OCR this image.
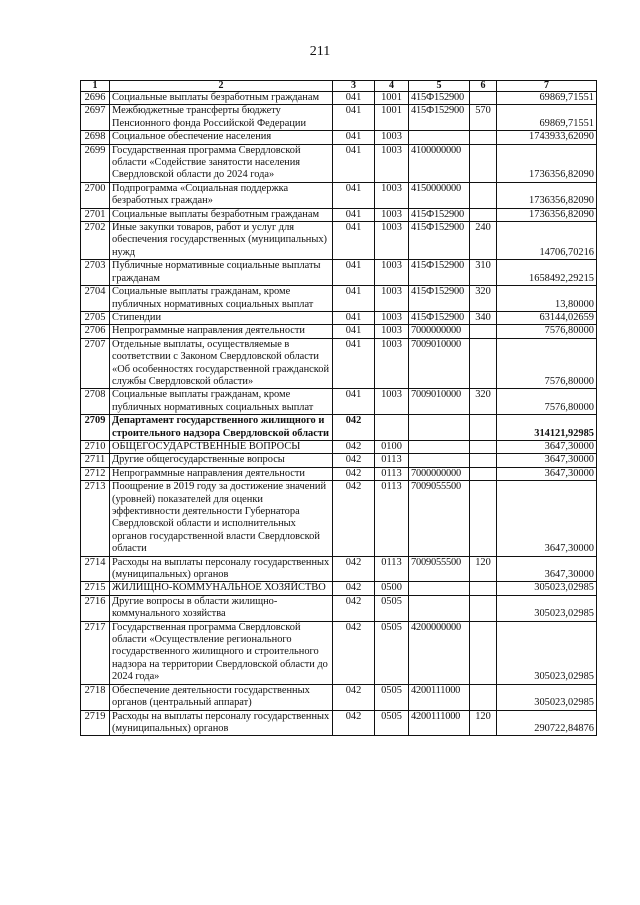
211
1	2	3	4	5	6	7
2696	Социальные выплаты безработным гражданам	041	1001	415Ф152900		69869,71551
2697	Межбюджетные трансферты бюджету Пенсионного фонда Российской Федерации	041	1001	415Ф152900	570	69869,71551
2698	Социальное обеспечение населения	041	1003			1743933,62090
2699	Государственная программа Свердловской области «Содействие занятости населения Свердловской области до 2024 года»	041	1003	4100000000		1736356,82090
2700	Подпрограмма «Социальная поддержка безработных граждан»	041	1003	4150000000		1736356,82090
2701	Социальные выплаты безработным гражданам	041	1003	415Ф152900		1736356,82090
2702	Иные закупки товаров, работ и услуг для обеспечения государственных (муниципальных) нужд	041	1003	415Ф152900	240	14706,70216
2703	Публичные нормативные социальные выплаты гражданам	041	1003	415Ф152900	310	1658492,29215
2704	Социальные выплаты гражданам, кроме публичных нормативных социальных выплат	041	1003	415Ф152900	320	13,80000
2705	Стипендии	041	1003	415Ф152900	340	63144,02659
2706	Непрограммные направления деятельности	041	1003	7000000000		7576,80000
2707	Отдельные выплаты, осуществляемые в соответствии с Законом Свердловской области «Об особенностях государственной гражданской службы Свердловской области»	041	1003	7009010000		7576,80000
2708	Социальные выплаты гражданам, кроме публичных нормативных социальных выплат	041	1003	7009010000	320	7576,80000
2709	Департамент государственного жилищного и строительного надзора Свердловской области	042				314121,92985
2710	ОБЩЕГОСУДАРСТВЕННЫЕ ВОПРОСЫ	042	0100			3647,30000
2711	Другие общегосударственные вопросы	042	0113			3647,30000
2712	Непрограммные направления деятельности	042	0113	7000000000		3647,30000
2713	Поощрение в 2019 году за достижение значений (уровней) показателей для оценки эффективности деятельности Губернатора Свердловской области и исполнительных органов государственной власти Свердловской области	042	0113	7009055500		3647,30000
2714	Расходы на выплаты персоналу государственных (муниципальных) органов	042	0113	7009055500	120	3647,30000
2715	ЖИЛИЩНО-КОММУНАЛЬНОЕ ХОЗЯЙСТВО	042	0500			305023,02985
2716	Другие вопросы в области жилищно-коммунального хозяйства	042	0505			305023,02985
2717	Государственная программа Свердловской области «Осуществление регионального государственного жилищного и строительного надзора на территории Свердловской области до 2024 года»	042	0505	4200000000		305023,02985
2718	Обеспечение деятельности государственных органов (центральный аппарат)	042	0505	4200111000		305023,02985
2719	Расходы на выплаты персоналу государственных (муниципальных) органов	042	0505	4200111000	120	290722,84876
